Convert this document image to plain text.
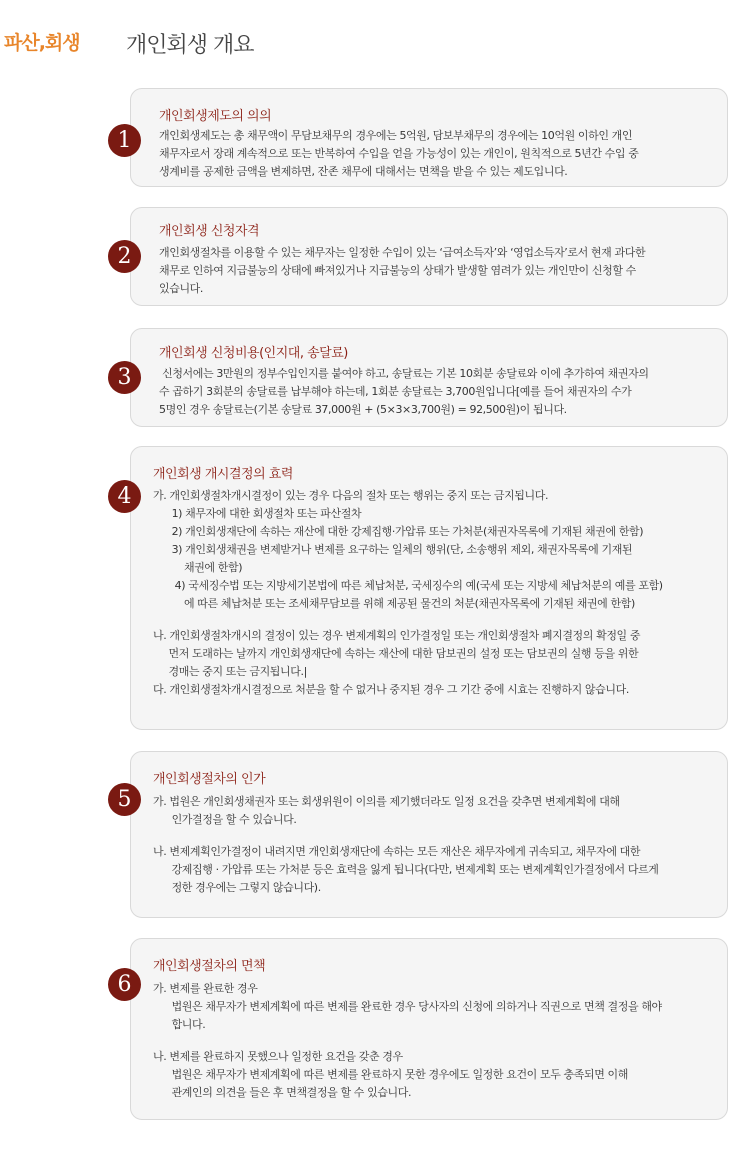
파산,회생 개인회생 개요
개인회생제도의 의의
개인회생제도는 총 채무액이 무담보채무의 경우에는 5억원, 담보부채무의 경우에는 10억원 이하인 개인
채무자로서 장래 계속적으로 또는 반복하여 수입을 얻을 가능성이 있는 개인이, 원칙적으로 5년간 수입 중
생계비를 공제한 금액을 변제하면, 잔존 채무에 대해서는 면책을 받을 수 있는 제도입니다.
1
개인회생 신청자격
개인회생절차를 이용할 수 있는 채무자는 일정한 수입이 있는 ‘급여소득자’와 ‘영업소득자’로서 현재 과다한
채무로 인하여 지급불능의 상태에 빠져있거나 지급불능의 상태가 발생할 염려가 있는 개인만이 신청할 수
있습니다.
2
개인회생 신청비용(인지대, 송달료)
신청서에는 3만원의 정부수입인지를 붙여야 하고, 송달료는 기본 10회분 송달료와 이에 추가하여 채권자의
수 곱하기 3회분의 송달료를 납부해야 하는데, 1회분 송달료는 3,700원입니다[예를 들어 채권자의 수가
5명인 경우 송달료는(기본 송달료 37,000원 + (5×3×3,700원) = 92,500원)이 됩니다.
3
개인회생 개시결정의 효력
가. 개인회생절차개시결정이 있는 경우 다음의 절차 또는 행위는 중지 또는 금지됩니다.
1) 채무자에 대한 회생절차 또는 파산절차
2) 개인회생재단에 속하는 재산에 대한 강제집행·가압류 또는 가처분(채권자목록에 기재된 채권에 한함)
3) 개인회생채권을 변제받거나 변제를 요구하는 일체의 행위(단, 소송행위 제외, 채권자목록에 기재된
채권에 한함)
4) 국세징수법 또는 지방세기본법에 따른 체납처분, 국세징수의 예(국세 또는 지방세 체납처분의 예를 포함)
에 따른 체납처분 또는 조세채무담보를 위해 제공된 물건의 처분(채권자목록에 기재된 채권에 한함)
나. 개인회생절차개시의 결정이 있는 경우 변제계획의 인가결정일 또는 개인회생절차 폐지결정의 확정일 중
먼저 도래하는 날까지 개인회생재단에 속하는 재산에 대한 담보권의 설정 또는 담보권의 실행 등을 위한
경매는 중지 또는 금지됩니다.|
다. 개인회생절차개시결정으로 처분을 할 수 없거나 중지된 경우 그 기간 중에 시효는 진행하지 않습니다.
4
개인회생절차의 인가
가. 법원은 개인회생채권자 또는 회생위원이 이의를 제기했더라도 일정 요건을 갖추면 변제계획에 대해
인가결정을 할 수 있습니다.
나. 변제계획인가결정이 내려지면 개인회생재단에 속하는 모든 재산은 채무자에게 귀속되고, 채무자에 대한
강제집행 · 가압류 또는 가처분 등은 효력을 잃게 됩니다(다만, 변제계획 또는 변제계획인가결정에서 다르게
정한 경우에는 그렇지 않습니다).
5
개인회생절차의 면책
가. 변제를 완료한 경우
법원은 채무자가 변제계획에 따른 변제를 완료한 경우 당사자의 신청에 의하거나 직권으로 면책 결정을 해야
합니다.
나. 변제를 완료하지 못했으나 일정한 요건을 갖춘 경우
법원은 채무자가 변제계획에 따른 변제를 완료하지 못한 경우에도 일정한 요건이 모두 충족되면 이해
관계인의 의견을 들은 후 면책결정을 할 수 있습니다.
6
